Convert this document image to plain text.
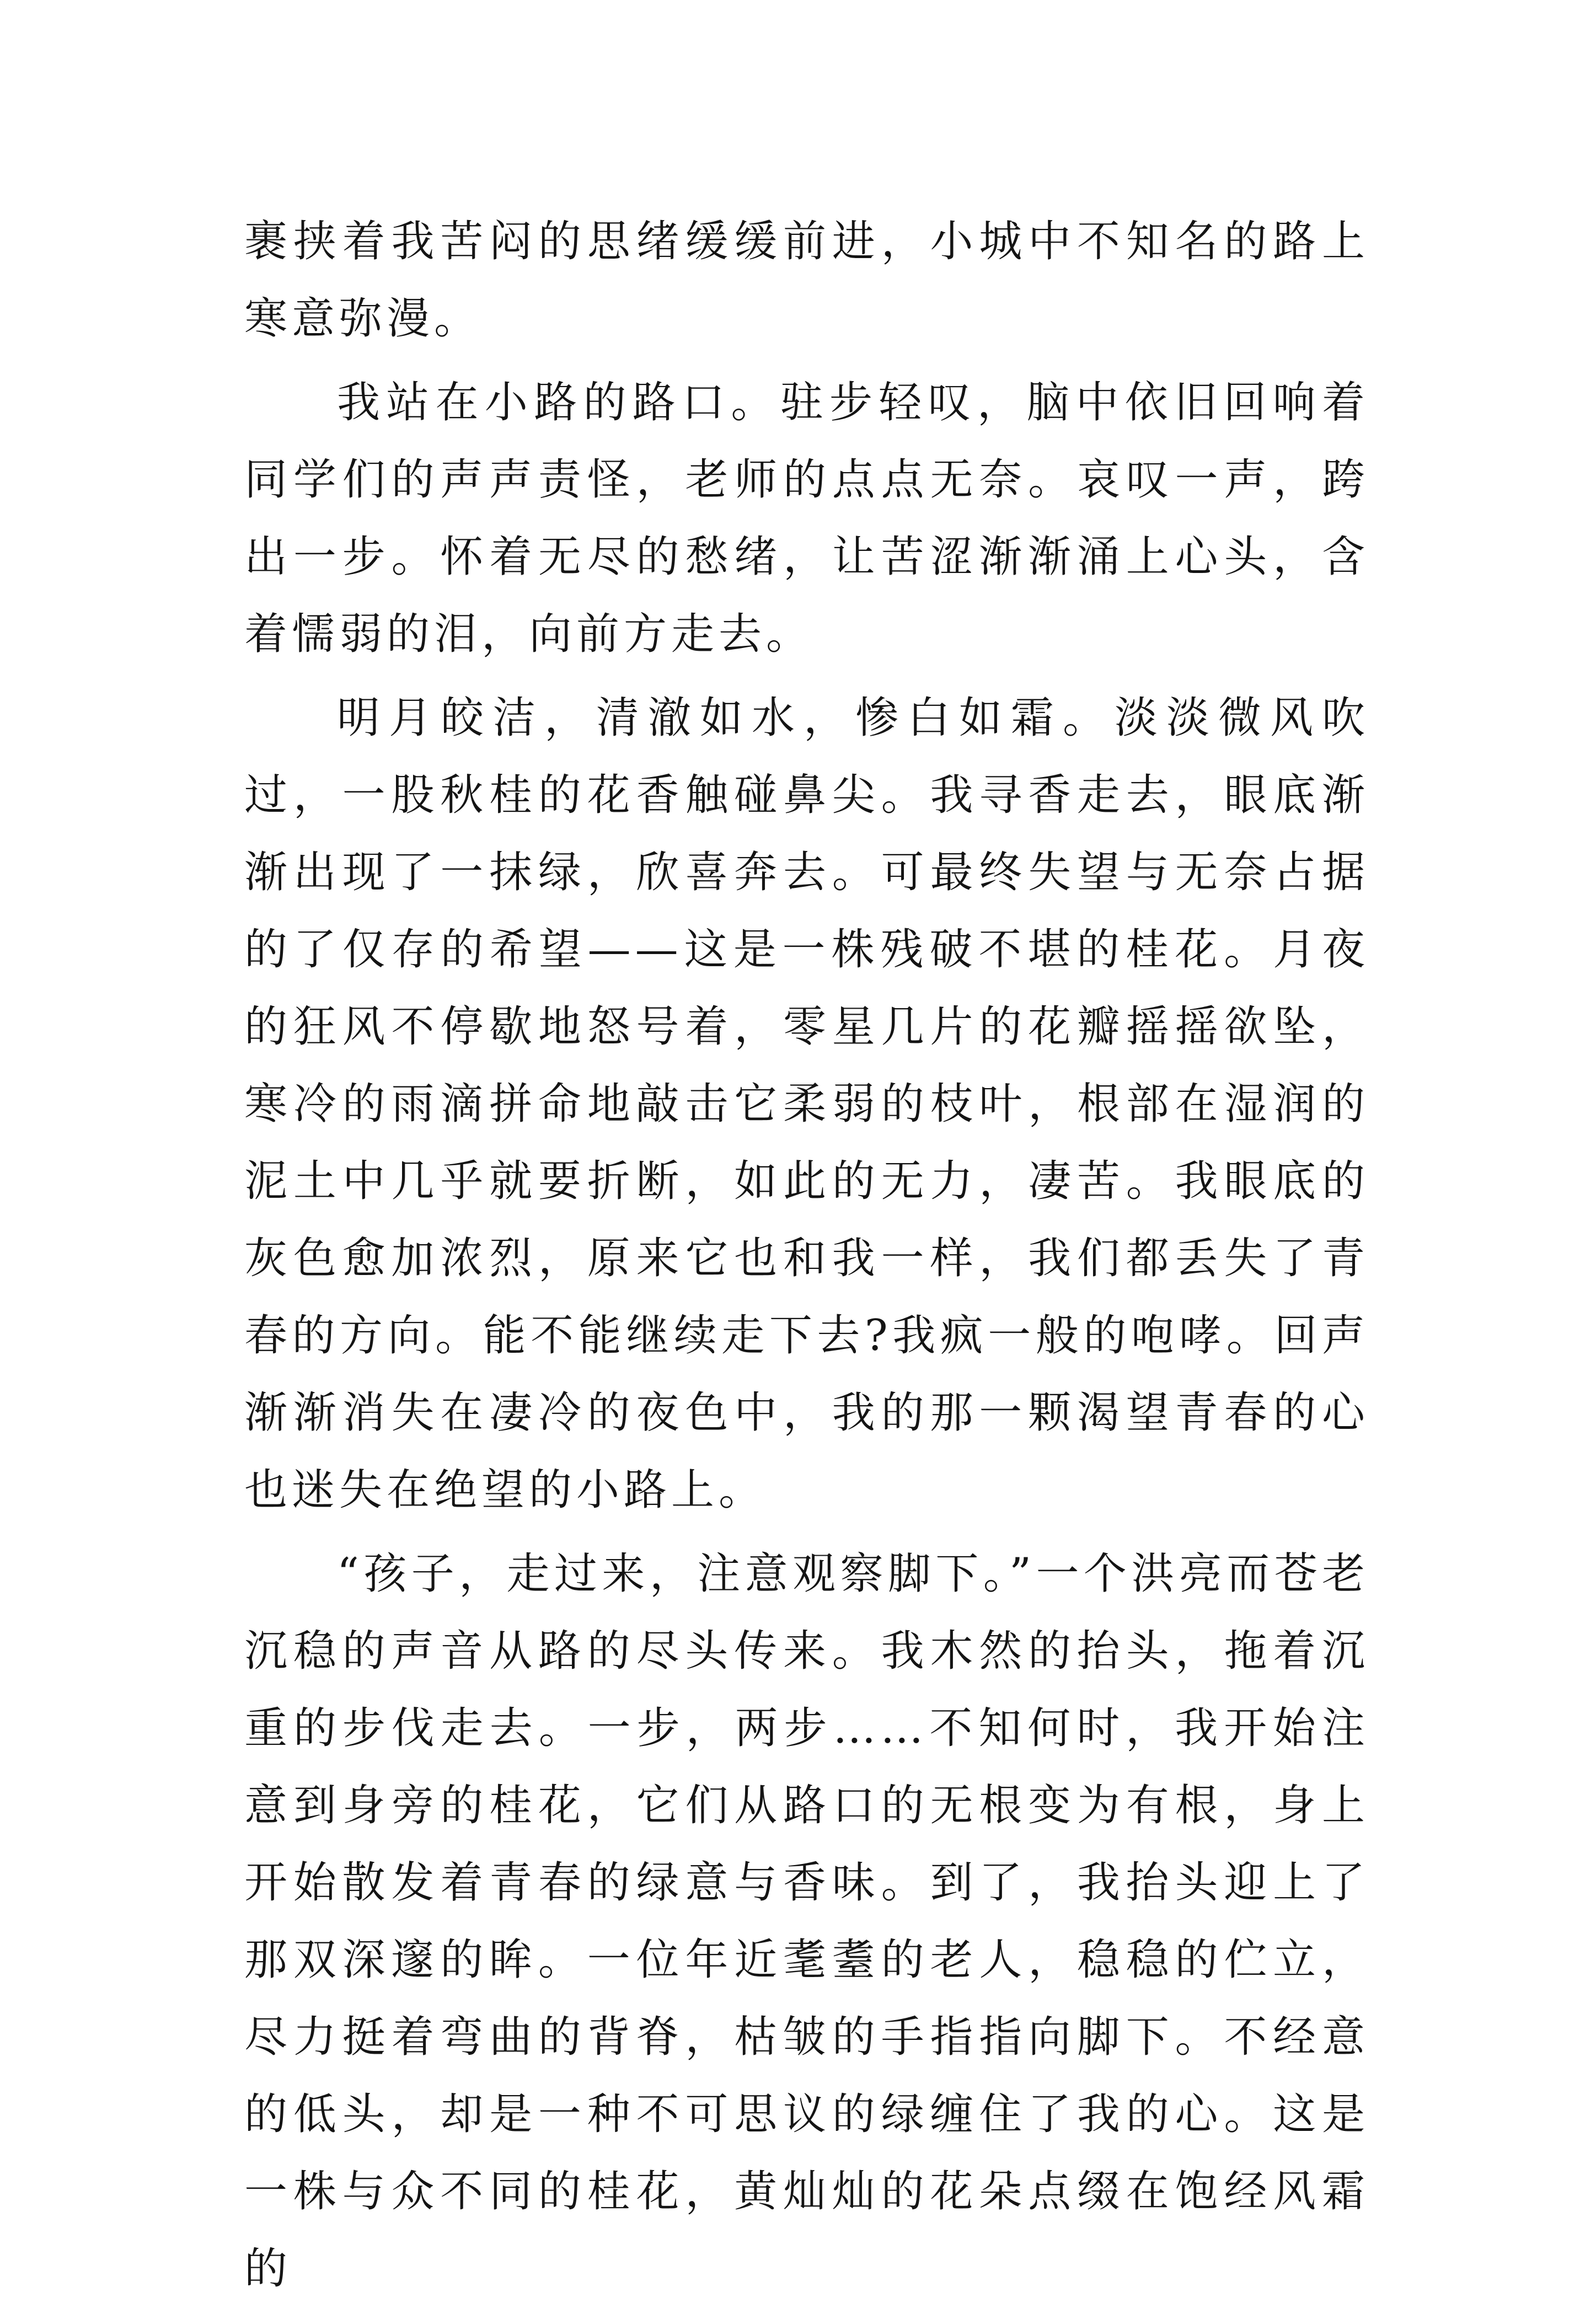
裹挟着我苦闷的思绪缓缓前进，小城中不知名的路上寒意弥漫。

我站在小路的路口。驻步轻叹，脑中依旧回响着同学们的声声责怪，老师的点点无奈。哀叹一声，跨出一步。怀着无尽的愁绪，让苦涩渐渐涌上心头，含着懦弱的泪，向前方走去。

明月皎洁，清澈如水，惨白如霜。淡淡微风吹过，一股秋桂的花香触碰鼻尖。我寻香走去，眼底渐渐出现了一抹绿，欣喜奔去。可最终失望与无奈占据的了仅存的希望——这是一株残破不堪的桂花。月夜的狂风不停歇地怒号着，零星几片的花瓣摇摇欲坠，寒冷的雨滴拼命地敲击它柔弱的枝叶，根部在湿润的泥土中几乎就要折断，如此的无力，凄苦。我眼底的灰色愈加浓烈，原来它也和我一样，我们都丢失了青春的方向。能不能继续走下去?我疯一般的咆哮。回声渐渐消失在凄冷的夜色中，我的那一颗渴望青春的心也迷失在绝望的小路上。

“孩子，走过来，注意观察脚下。”一个洪亮而苍老沉稳的声音从路的尽头传来。我木然的抬头，拖着沉重的步伐走去。一步，两步……不知何时，我开始注意到身旁的桂花，它们从路口的无根变为有根，身上开始散发着青春的绿意与香味。到了，我抬头迎上了那双深邃的眸。一位年近耄耋的老人，稳稳的伫立，尽力挺着弯曲的背脊，枯皱的手指指向脚下。不经意的低头，却是一种不可思议的绿缠住了我的心。这是一株与众不同的桂花，黄灿灿的花朵点缀在饱经风霜的
